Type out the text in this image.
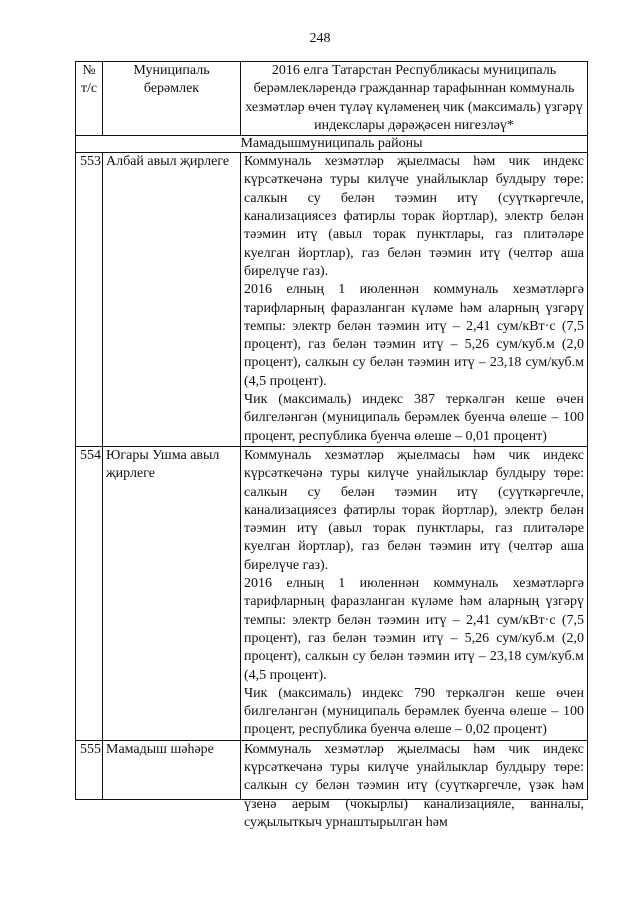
248
№ т/с	Муниципаль берәмлек	2016 елга Татарстан Республикасы муниципаль берәмлекләрендә гражданнар тарафыннан коммуналь хезмәтләр өчен түләү күләменең чик (максималь) үзгәрү индекслары дәрәҗәсен нигезләү*
Мамадышмуниципаль районы		
553	Албай авыл җирлеге	Коммуналь хезмәтләр җыелмасы һәм чик индекс күрсәткечәнә туры килүче унайлыклар булдыру төре: салкын су белән тәэмин итү (суүткәргечле, канализациясез фатирлы торак йортлар), электр белән тәэмин итү (авыл торак пунктлары, газ плитәләре куелган йортлар), газ белән тәэмин итү (челтәр аша бирелүче газ).

2016 елның 1 июленнән коммуналь хезмәтләргә тарифларның фаразланган күләме һәм аларның үзгәрү темпы: электр белән тәэмин итү – 2,41 сум/кВт·с (7,5 процент), газ белән тәэмин итү – 5,26 сум/куб.м (2,0 процент), салкын су белән тәэмин итү – 23,18 сум/куб.м (4,5 процент).

Чик (максималь) индекс 387 теркәлгән кеше өчен билгеләнгән (муниципаль берәмлек буенча өлеше – 100 процент, республика буенча өлеше – 0,01 процент)

554	Югары Ушма авыл җирлеге	Коммуналь хезмәтләр җыелмасы һәм чик индекс күрсәткечәнә туры килүче унайлыклар булдыру төре: салкын су белән тәэмин итү (суүткәргечле, канализациясез фатирлы торак йортлар), электр белән тәэмин итү (авыл торак пунктлары, газ плитәләре куелган йортлар), газ белән тәэмин итү (челтәр аша бирелүче газ).

2016 елның 1 июленнән коммуналь хезмәтләргә тарифларның фаразланган күләме һәм аларның үзгәрү темпы: электр белән тәэмин итү – 2,41 сум/кВт·с (7,5 процент), газ белән тәэмин итү – 5,26 сум/куб.м (2,0 процент), салкын су белән тәэмин итү – 23,18 сум/куб.м (4,5 процент).

Чик (максималь) индекс 790 теркәлгән кеше өчен билгеләнгән (муниципаль берәмлек буенча өлеше – 100 процент, республика буенча өлеше – 0,02 процент)

555	Мамадыш шәһәре	Коммуналь хезмәтләр җыелмасы һәм чик индекс күрсәткечәнә туры килүче унайлыклар булдыру төре: салкын су белән тәэмин итү (суүткәргечле, үзәк һәм үзенә аерым (чокырлы) канализацияле, ванналы, суҗылыткыч урнаштырылган һәм
